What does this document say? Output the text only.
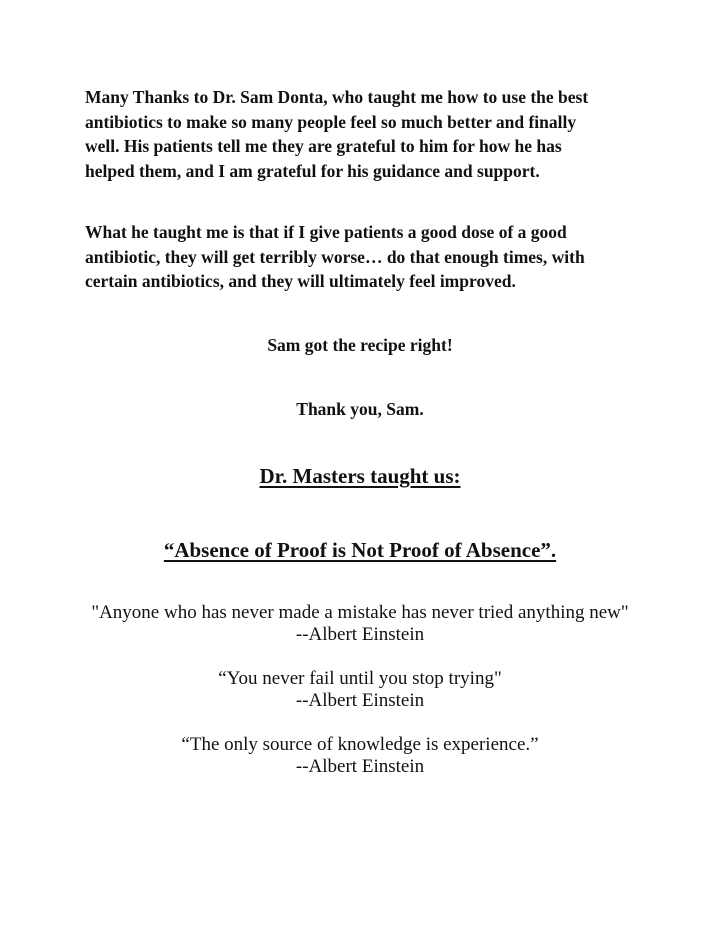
Many Thanks to Dr. Sam Donta, who taught me how to use the best
antibiotics to make so many people feel so much better and finally
well. His patients tell me they are grateful to him for how he has
helped them, and I am grateful for his guidance and support.

What he taught me is that if I give patients a good dose of a good
antibiotic, they will get terribly worse… do that enough times, with
certain antibiotics, and they will ultimately feel improved.

Sam got the recipe right!

Thank you, Sam.

Dr. Masters taught us:

“Absence of Proof is Not Proof of Absence”.

"Anyone who has never made a mistake has never tried anything new"
--Albert Einstein

“You never fail until you stop trying"
--Albert Einstein

“The only source of knowledge is experience.”
--Albert Einstein
